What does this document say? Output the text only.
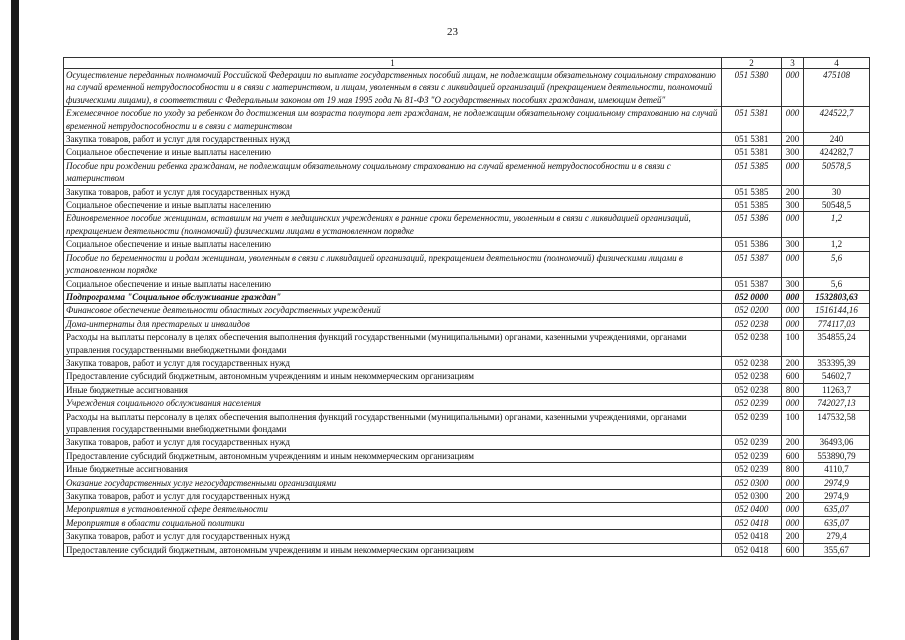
23
1	2	3	4
Осуществление переданных полномочий Российской Федерации по выплате государственных пособий лицам, не подлежащим обязательному социальному страхованию на случай временной нетрудоспособности и в связи с материнством, и лицам, уволенным в связи с ликвидацией организаций (прекращением деятельности, полномочий физическими лицами), в соответствии с Федеральным законом от 19 мая 1995 года № 81-ФЗ "О государственных пособиях гражданам, имеющим детей"	051 5380	000	475108
Ежемесячное пособие по уходу за ребенком до достижения им возраста полутора лет гражданам, не подлежащим обязательному социальному страхованию на случай временной нетрудоспособности и в связи с материнством	051 5381	000	424522,7
Закупка товаров, работ и услуг для государственных нужд	051 5381	200	240
Социальное обеспечение и иные выплаты населению	051 5381	300	424282,7
Пособие при рождении ребенка гражданам, не подлежащим обязательному социальному страхованию на случай временной нетрудоспособности и в связи с материнством	051 5385	000	50578,5
Закупка товаров, работ и услуг для государственных нужд	051 5385	200	30
Социальное обеспечение и иные выплаты населению	051 5385	300	50548,5
Единовременное пособие женщинам, вставшим на учет в медицинских учреждениях в ранние сроки беременности, уволенным в связи с ликвидацией организаций, прекращением деятельности (полномочий) физическими лицами в установленном порядке	051 5386	000	1,2
Социальное обеспечение и иные выплаты населению	051 5386	300	1,2
Пособие по беременности и родам женщинам, уволенным в связи с ликвидацией организаций, прекращением деятельности (полномочий) физическими лицами в установленном порядке	051 5387	000	5,6
Социальное обеспечение и иные выплаты населению	051 5387	300	5,6
Подпрограмма "Социальное обслуживание граждан"	052 0000	000	1532803,63
Финансовое обеспечение деятельности областных государственных учреждений	052 0200	000	1516144,16
Дома-интернаты для престарелых и инвалидов	052 0238	000	774117,03
Расходы на выплаты персоналу в целях обеспечения выполнения функций государственными (муниципальными) органами, казенными учреждениями, органами управления государственными внебюджетными фондами	052 0238	100	354855,24
Закупка товаров, работ и услуг для государственных нужд	052 0238	200	353395,39
Предоставление субсидий бюджетным, автономным учреждениям и иным некоммерческим организациям	052 0238	600	54602,7
Иные бюджетные ассигнования	052 0238	800	11263,7
Учреждения социального обслуживания населения	052 0239	000	742027,13
Расходы на выплаты персоналу в целях обеспечения выполнения функций государственными (муниципальными) органами, казенными учреждениями, органами управления государственными внебюджетными фондами	052 0239	100	147532,58
Закупка товаров, работ и услуг для государственных нужд	052 0239	200	36493,06
Предоставление субсидий бюджетным, автономным учреждениям и иным некоммерческим организациям	052 0239	600	553890,79
Иные бюджетные ассигнования	052 0239	800	4110,7
Оказание государственных услуг негосударственными организациями	052 0300	000	2974,9
Закупка товаров, работ и услуг для государственных нужд	052 0300	200	2974,9
Мероприятия в установленной сфере деятельности	052 0400	000	635,07
Мероприятия в области социальной политики	052 0418	000	635,07
Закупка товаров, работ и услуг для государственных нужд	052 0418	200	279,4
Предоставление субсидий бюджетным, автономным учреждениям и иным некоммерческим организациям	052 0418	600	355,67
